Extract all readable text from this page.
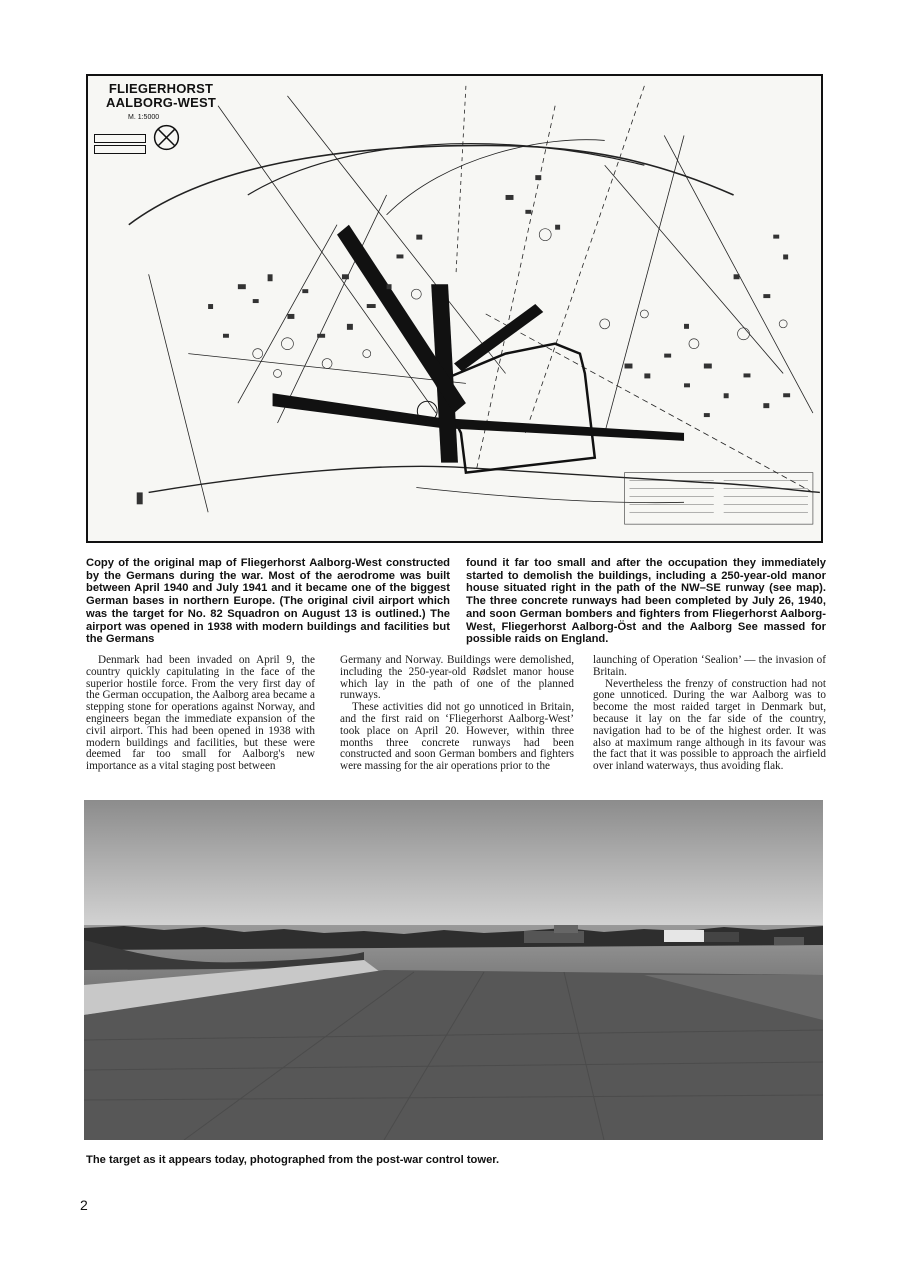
FLIEGERHORST
AALBORG-WEST
M. 1:5000
Copy of the original map of Fliegerhorst Aalborg-West constructed by the Germans during the war. Most of the aerodrome was built between April 1940 and July 1941 and it became one of the biggest German bases in northern Europe. (The original civil airport which was the target for No. 82 Squadron on August 13 is outlined.) The airport was opened in 1938 with modern buildings and facilities but the Germans
found it far too small and after the occupation they immediately started to demolish the buildings, including a 250-year-old manor house situated right in the path of the NW–SE runway (see map). The three concrete runways had been completed by July 26, 1940, and soon German bombers and fighters from Fliegerhorst Aalborg-West, Fliegerhorst Aalborg-Öst and the Aalborg See massed for possible raids on England.

Denmark had been invaded on April 9, the country quickly capitulating in the face of the superior hostile force. From the very first day of the German occupation, the Aalborg area became a stepping stone for operations against Norway, and engineers began the immediate expansion of the civil airport. This had been opened in 1938 with modern buildings and facilities, but these were deemed far too small for Aalborg's new importance as a vital staging post between

Germany and Norway. Buildings were demolished, including the 250-year-old Rødslet manor house which lay in the path of one of the planned runways.

These activities did not go unnoticed in Britain, and the first raid on ‘Fliegerhorst Aalborg-West’ took place on April 20. However, within three months three concrete runways had been constructed and soon German bombers and fighters were massing for the air operations prior to the

launching of Operation ‘Sealion’ — the invasion of Britain.

Nevertheless the frenzy of construction had not gone unnoticed. During the war Aalborg was to become the most raided target in Denmark but, because it lay on the far side of the country, navigation had to be of the highest order. It was also at maximum range although in its favour was the fact that it was possible to approach the airfield over inland waterways, thus avoiding flak.

The target as it appears today, photographed from the post-war control tower.
2
